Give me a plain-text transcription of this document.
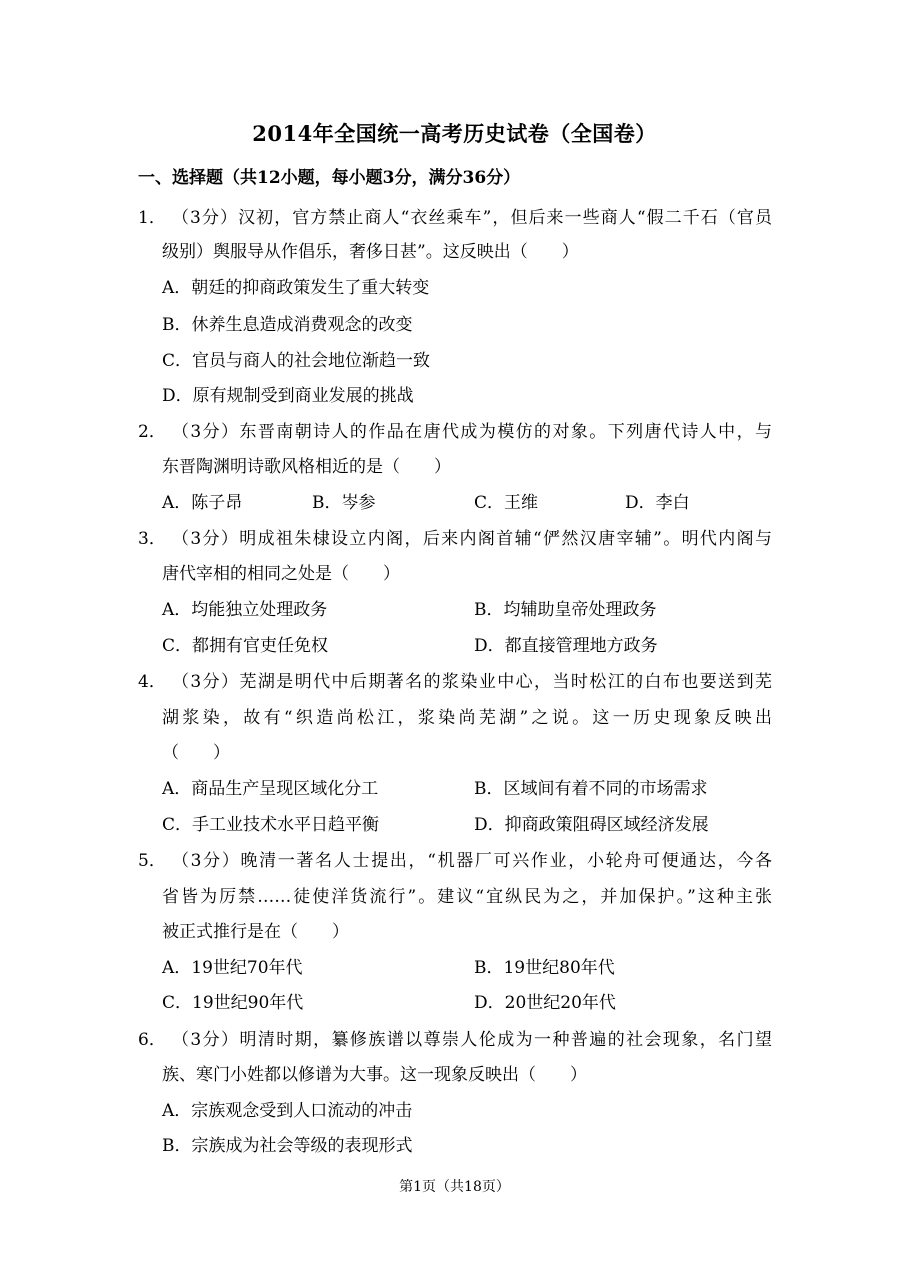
2014年全国统一高考历史试卷（全国卷）
一、选择题（共12小题，每小题3分，满分36分）
1． （3分）汉初，官方禁止商人“衣丝乘车”，但后来一些商人“假二千石（官员
级别）舆服导从作倡乐，奢侈日甚”。这反映出（　　）
A．朝廷的抑商政策发生了重大转变
B．休养生息造成消费观念的改变
C．官员与商人的社会地位渐趋一致
D．原有规制受到商业发展的挑战
2． （3分）东晋南朝诗人的作品在唐代成为模仿的对象。下列唐代诗人中，与
东晋陶渊明诗歌风格相近的是（　　）
A．陈子昂	B．岑参	C．王维	D．李白
3． （3分）明成祖朱棣设立内阁，后来内阁首辅“俨然汉唐宰辅”。明代内阁与
唐代宰相的相同之处是（　　）
A．均能独立处理政务	B．均辅助皇帝处理政务
C．都拥有官吏任免权	D．都直接管理地方政务
4． （3分）芜湖是明代中后期著名的浆染业中心，当时松江的白布也要送到芜
湖浆染，故有“织造尚松江，浆染尚芜湖”之说。这一历史现象反映出
（　　）
A．商品生产呈现区域化分工	B．区域间有着不同的市场需求
C．手工业技术水平日趋平衡	D．抑商政策阻碍区域经济发展
5． （3分）晚清一著名人士提出，“机器厂可兴作业，小轮舟可便通达，今各
省皆为厉禁……徒使洋货流行”。建议“宜纵民为之，并加保护。”这种主张
被正式推行是在（　　）
A．19世纪70年代	B．19世纪80年代
C．19世纪90年代	D．20世纪20年代
6． （3分）明清时期，纂修族谱以尊崇人伦成为一种普遍的社会现象，名门望
族、寒门小姓都以修谱为大事。这一现象反映出（　　）
A．宗族观念受到人口流动的冲击
B．宗族成为社会等级的表现形式
第1页（共18页）
